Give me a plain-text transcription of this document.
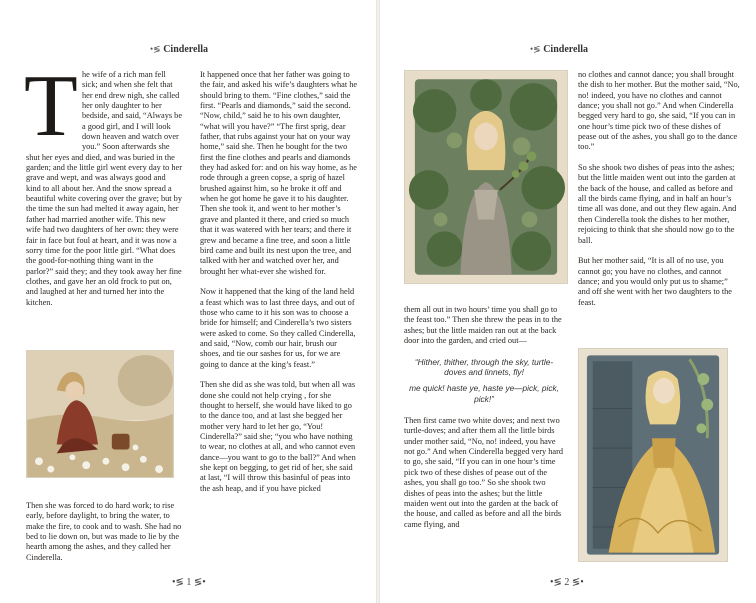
•≶ Cinderella

The wife of a rich man fell sick; and when she felt that her end drew nigh, she called her only daughter to her bedside, and said, “Always be a good girl, and I will look down heaven and watch over you.” Soon afterwards she shut her eyes and died, and was buried in the garden; and the little girl went every day to her grave and wept, and was always good and kind to all about her. And the snow spread a beautiful white covering over the grave; but by the time the sun had melted it away again, her father had married another wife. This new wife had two daughters of her own: they were fair in face but foul at heart, and it was now a sorry time for the poor little girl. “What does the good-for-nothing thing want in the parlor?” said they; and they took away her fine clothes, and gave her an old frock to put on, and laughed at her and turned her into the kitchen.

Then she was forced to do hard work; to rise early, before daylight, to bring the water, to make the fire, to cook and to wash. She had no bed to lie down on, but was made to lie by the hearth among the ashes, and they called her Cinderella.

It happened once that her father was going to the fair, and asked his wife’s daughters what he should bring to them. “Fine clothes,” said the first. “Pearls and diamonds,” said the second. “Now, child,” said he to his own daughter, “what will you have?” “The first sprig, dear father, that rubs against your hat on your way home,” said she. Then he bought for the two first the fine clothes and pearls and diamonds they had asked for: and on his way home, as he rode through a green copse, a sprig of hazel brushed against him, so he broke it off and when he got home he gave it to his daughter. Then she took it, and went to her mother’s grave and planted it there, and cried so much that it was watered with her tears; and there it grew and became a fine tree, and soon a little bird came and built its nest upon the tree, and talked with her and watched over her, and brought her what-ever she wished for.

Now it happened that the king of the land held a feast which was to last three days, and out of those who came to it his son was to choose a bride for himself; and Cinderella’s two sisters were asked to come. So they called Cinderella, and said, “Now, comb our hair, brush our shoes, and tie our sashes for us, for we are going to dance at the king’s feast.”

Then she did as she was told, but when all was done she could not help crying , for she thought to herself, she would have liked to go to the dance too, and at last she begged her mother very hard to let her go, “You! Cinderella?” said she; “you who have nothing to wear, no clothes at all, and who cannot even dance—you want to go to the ball?” And when she kept on begging, to get rid of her, she said at last, “I will throw this basinful of peas into the ash heap, and if you have picked

•≶ 1 ≶•
•≶ Cinderella

them all out in two hours’ time you shall go to the feast too.” Then she threw the peas in to the ashes; but the little maiden ran out at the back door into the garden, and cried out—

“Hither, thither, through the sky, turtle-doves and linnets, fly!
me quick! haste ye, haste ye—pick, pick, pick!”

Then first came two white doves; and next two turtle-doves; and after them all the little birds under mother said, “No, no! indeed, you have not go.” And when Cinderella begged very hard to go, she said, “If you can in one hour’s time pick two of these dishes of pease out of the ashes, you shall go too.” So she shook two dishes of peas into the ashes; but the little maiden went out into the garden at the back of the house, and called as before and all the birds came flying, and

no clothes and cannot dance; you shall brought the dish to her mother. But the mother said, “No, no! indeed, you have no clothes and cannot dance; you shall not go.” And when Cinderella begged very hard to go, she said, “If you can in one hour’s time pick two of these dishes of pease out of the ashes, you shall go to the dance too.”

So she shook two dishes of peas into the ashes; but the little maiden went out into the garden at the back of the house, and called as before and all the birds came flying, and in half an hour’s time all was done, and out they flew again. And then Cinderella took the dishes to her mother, rejoicing to think that she should now go to the ball.

But her mother said, “It is all of no use, you cannot go; you have no clothes, and cannot dance; and you would only put us to shame;” and off she went with her two daughters to the feast.

•≶ 2 ≶•
